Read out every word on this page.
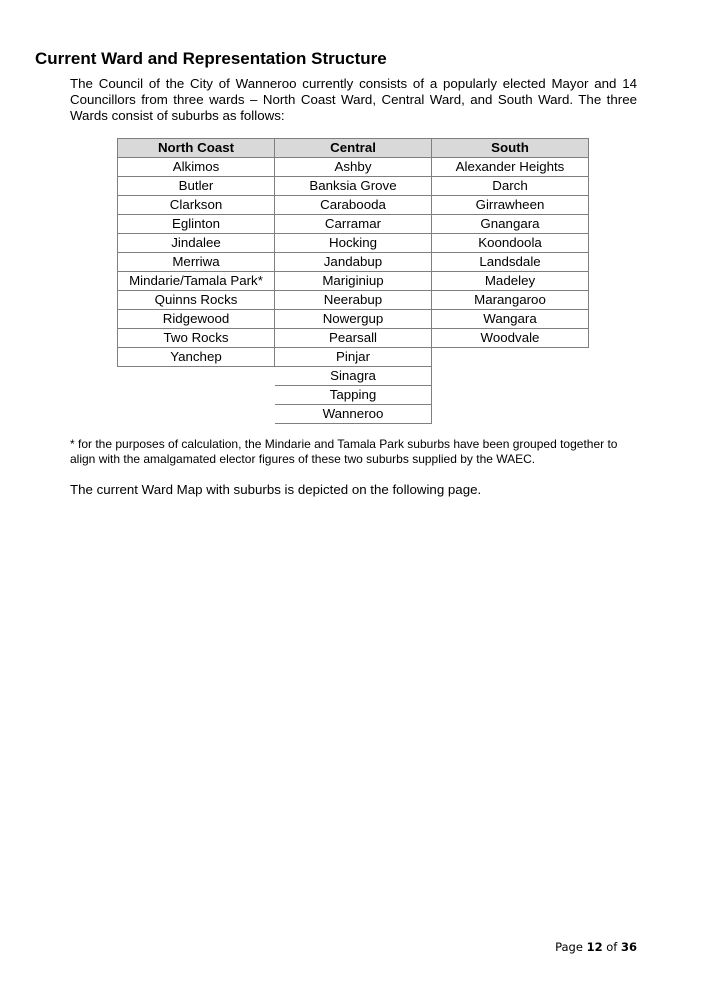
Current Ward and Representation Structure

The Council of the City of Wanneroo currently consists of a popularly elected Mayor and 14 Councillors from three wards – North Coast Ward, Central Ward, and South Ward. The three Wards consist of suburbs as follows:

North Coast	Central	South
Alkimos	Ashby	Alexander Heights
Butler	Banksia Grove	Darch
Clarkson	Carabooda	Girrawheen
Eglinton	Carramar	Gnangara
Jindalee	Hocking	Koondoola
Merriwa	Jandabup	Landsdale
Mindarie/Tamala Park*	Mariginiup	Madeley
Quinns Rocks	Neerabup	Marangaroo
Ridgewood	Nowergup	Wangara
Two Rocks	Pearsall	Woodvale
Yanchep	Pinjar	
	Sinagra	
	Tapping	
	Wanneroo	

* for the purposes of calculation, the Mindarie and Tamala Park suburbs have been grouped together to align with the amalgamated elector figures of these two suburbs supplied by the WAEC.

The current Ward Map with suburbs is depicted on the following page.

Page 12 of 36
